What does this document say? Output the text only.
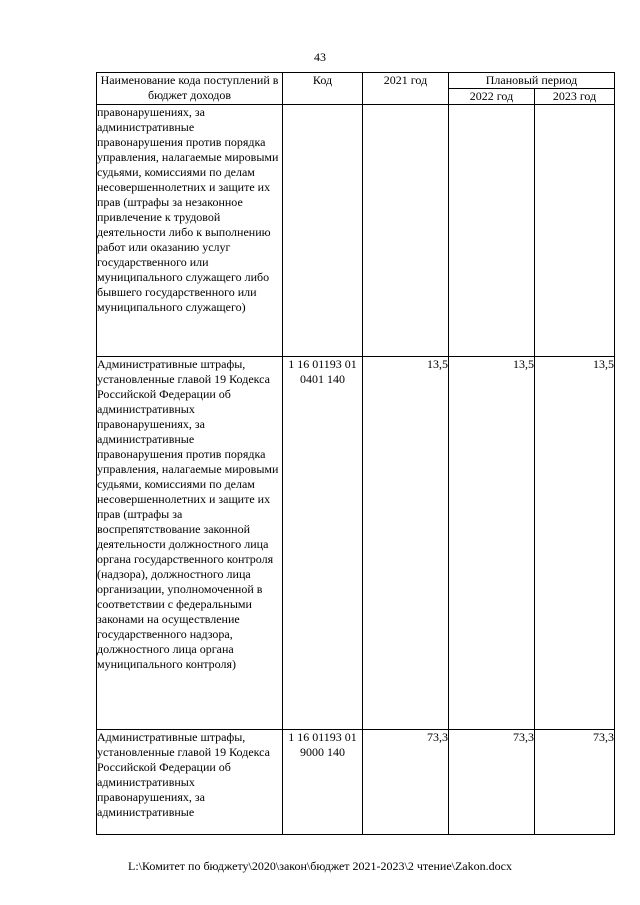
43
Наименование кода поступлений в бюджет доходов	Код	2021 год	Плановый период	
			2022 год	2023 год
правонарушениях, за административные правонарушения против порядка управления, налагаемые мировыми судьями, комиссиями по делам несовершеннолетних и защите их прав (штрафы за незаконное привлечение к трудовой деятельности либо к выполнению работ или оказанию услуг государственного или муниципального служащего либо бывшего государственного или муниципального служащего)				
Административные штрафы, установленные главой 19 Кодекса Российской Федерации об административных правонарушениях, за административные правонарушения против порядка управления, налагаемые мировыми судьями, комиссиями по делам несовершеннолетних и защите их прав (штрафы за воспрепятствование законной деятельности должностного лица органа государственного контроля (надзора), должностного лица организации, уполномоченной в соответствии с федеральными законами на осуществление государственного надзора, должностного лица органа муниципального контроля)	1 16 01193 01 0401 140	13,5	13,5	13,5
Административные штрафы, установленные главой 19 Кодекса Российской Федерации об административных правонарушениях, за административные	1 16 01193 01 9000 140	73,3	73,3	73,3
L:\Комитет по бюджету\2020\закон\бюджет 2021-2023\2 чтение\Zakon.docx
